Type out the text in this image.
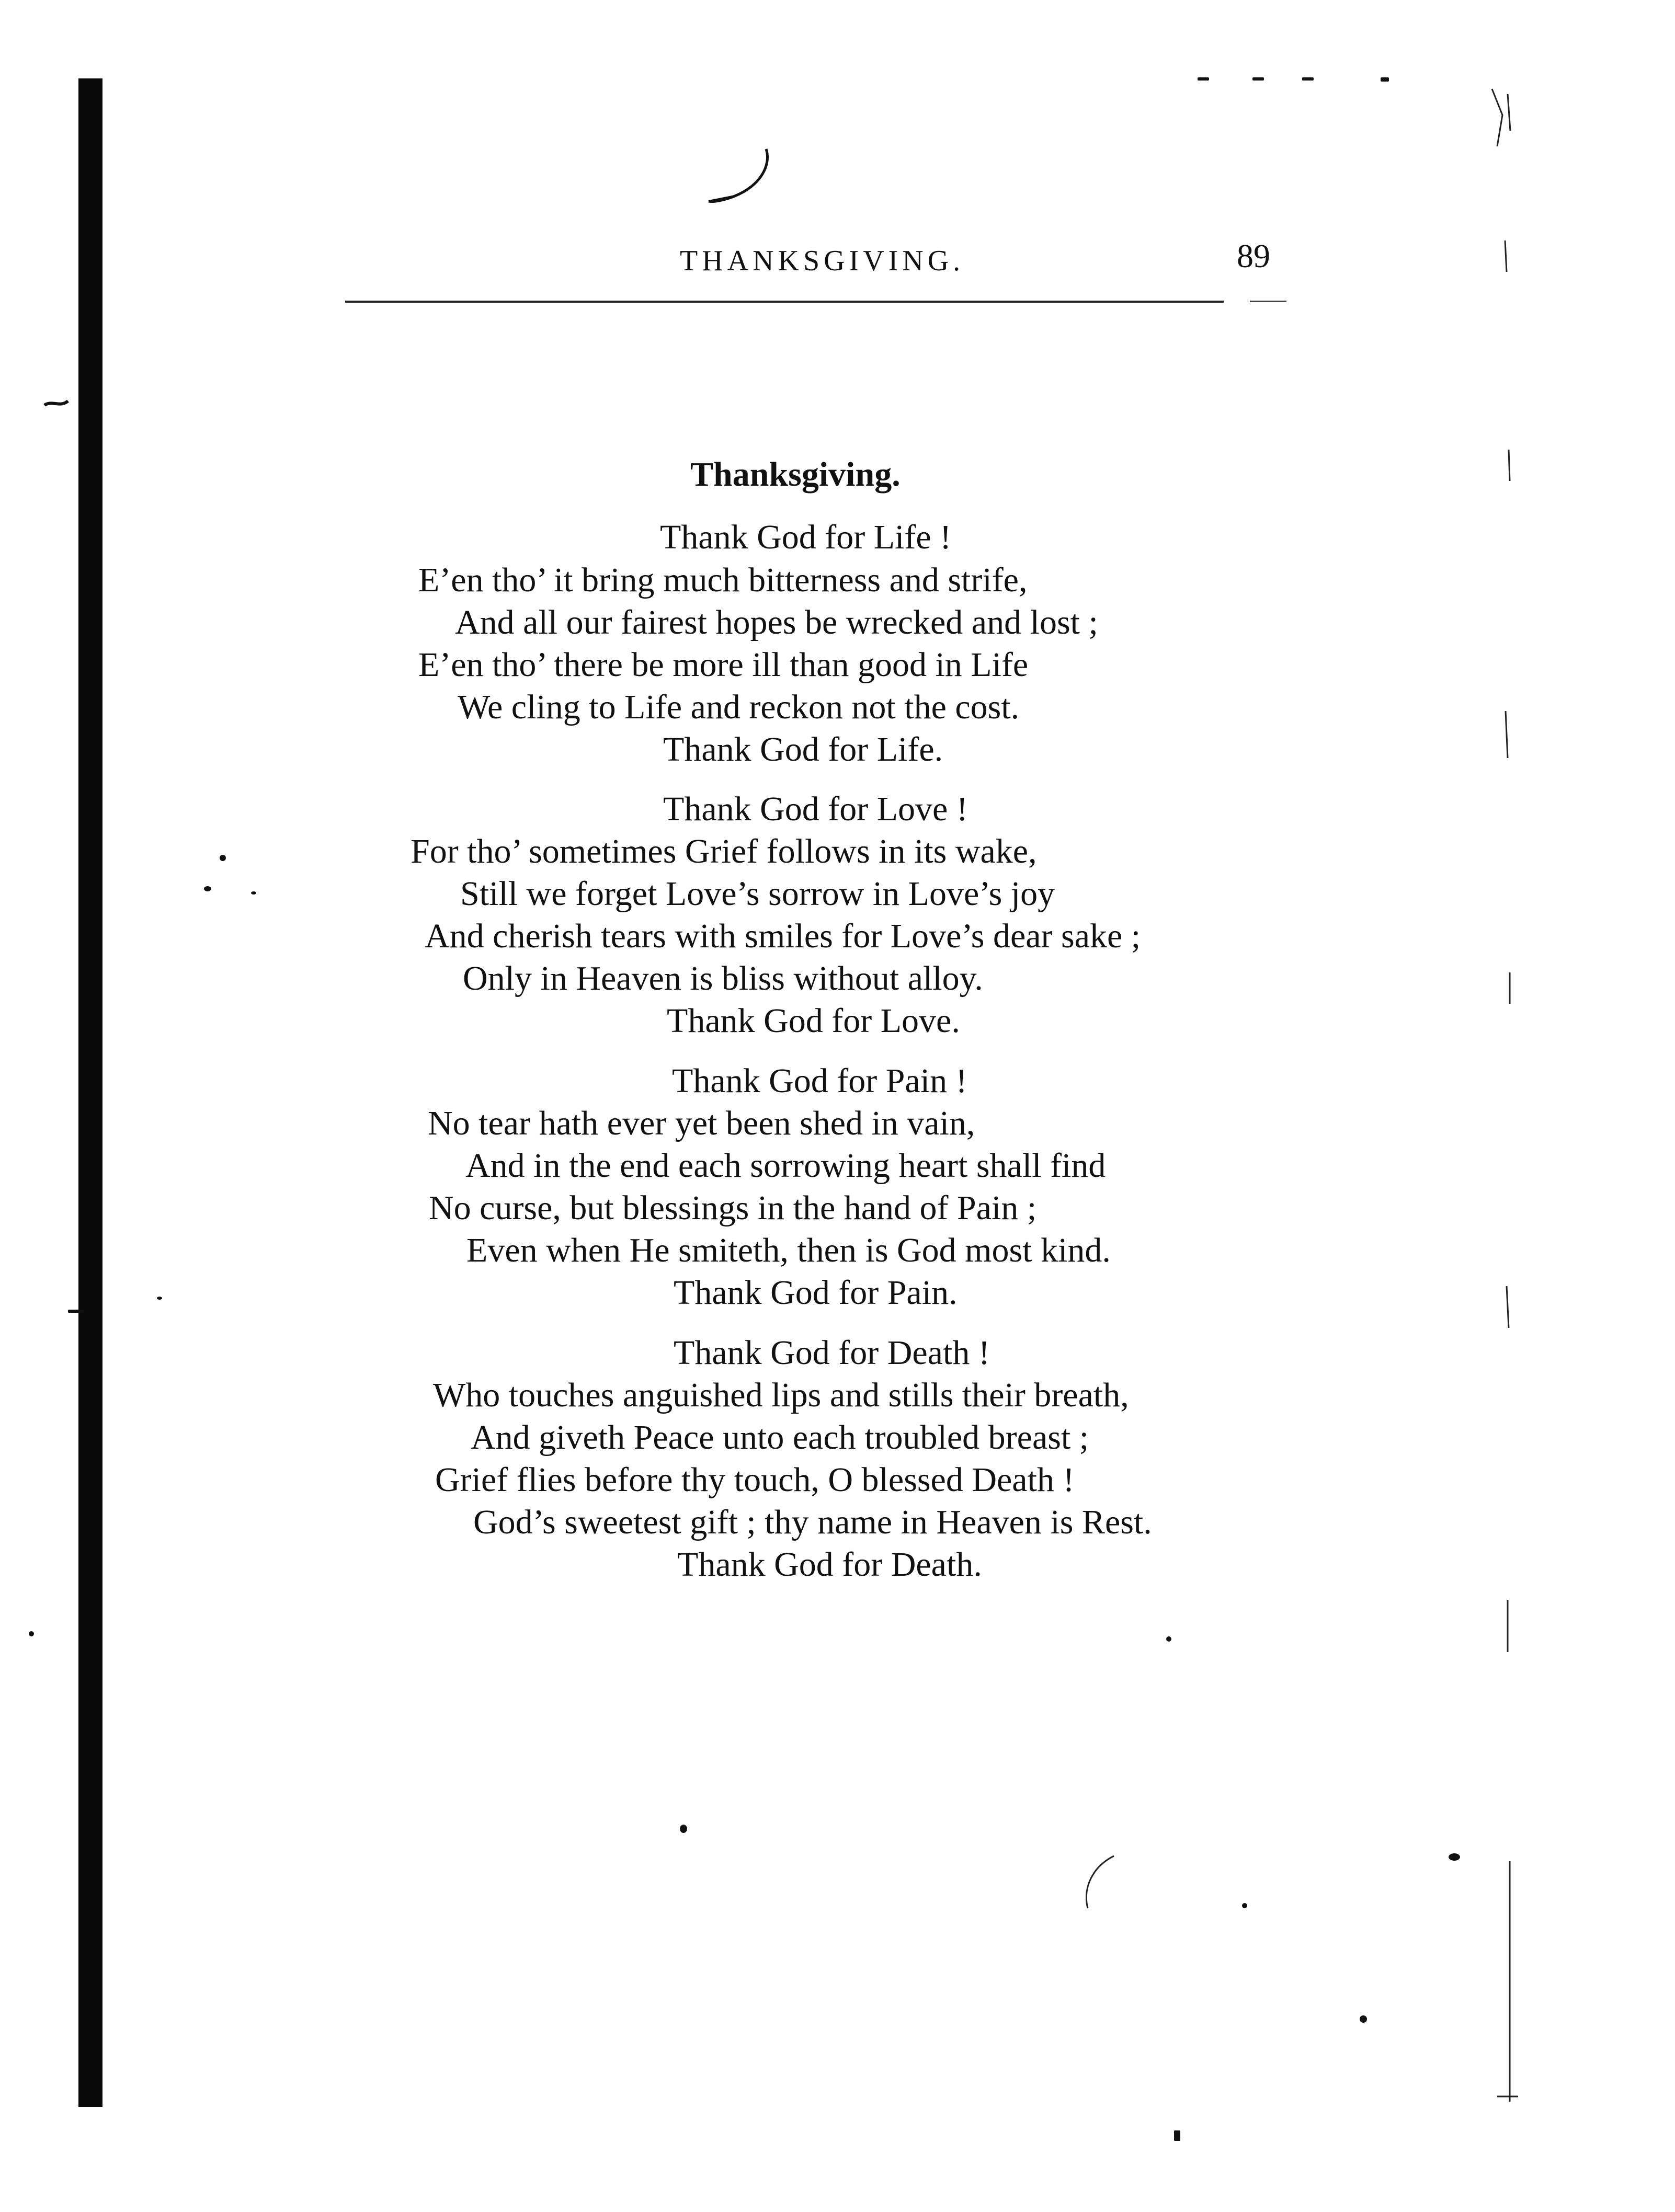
THANKSGIVING.	89
Thanksgiving.
Thank God for Life !
E’en tho’ it bring much bitterness and strife,
And all our fairest hopes be wrecked and lost ;
E’en tho’ there be more ill than good in Life
We cling to Life and reckon not the cost.
Thank God for Life.
Thank God for Love !
For tho’ sometimes Grief follows in its wake,
Still we forget Love’s sorrow in Love’s joy
And cherish tears with smiles for Love’s dear sake ;
Only in Heaven is bliss without alloy.
Thank God for Love.
Thank God for Pain !
No tear hath ever yet been shed in vain,
And in the end each sorrowing heart shall find
No curse, but blessings in the hand of Pain ;
Even when He smiteth, then is God most kind.
Thank God for Pain.
Thank God for Death !
Who touches anguished lips and stills their breath,
And giveth Peace unto each troubled breast ;
Grief flies before thy touch, O blessed Death !
God’s sweetest gift ; thy name in Heaven is Rest.
Thank God for Death.
